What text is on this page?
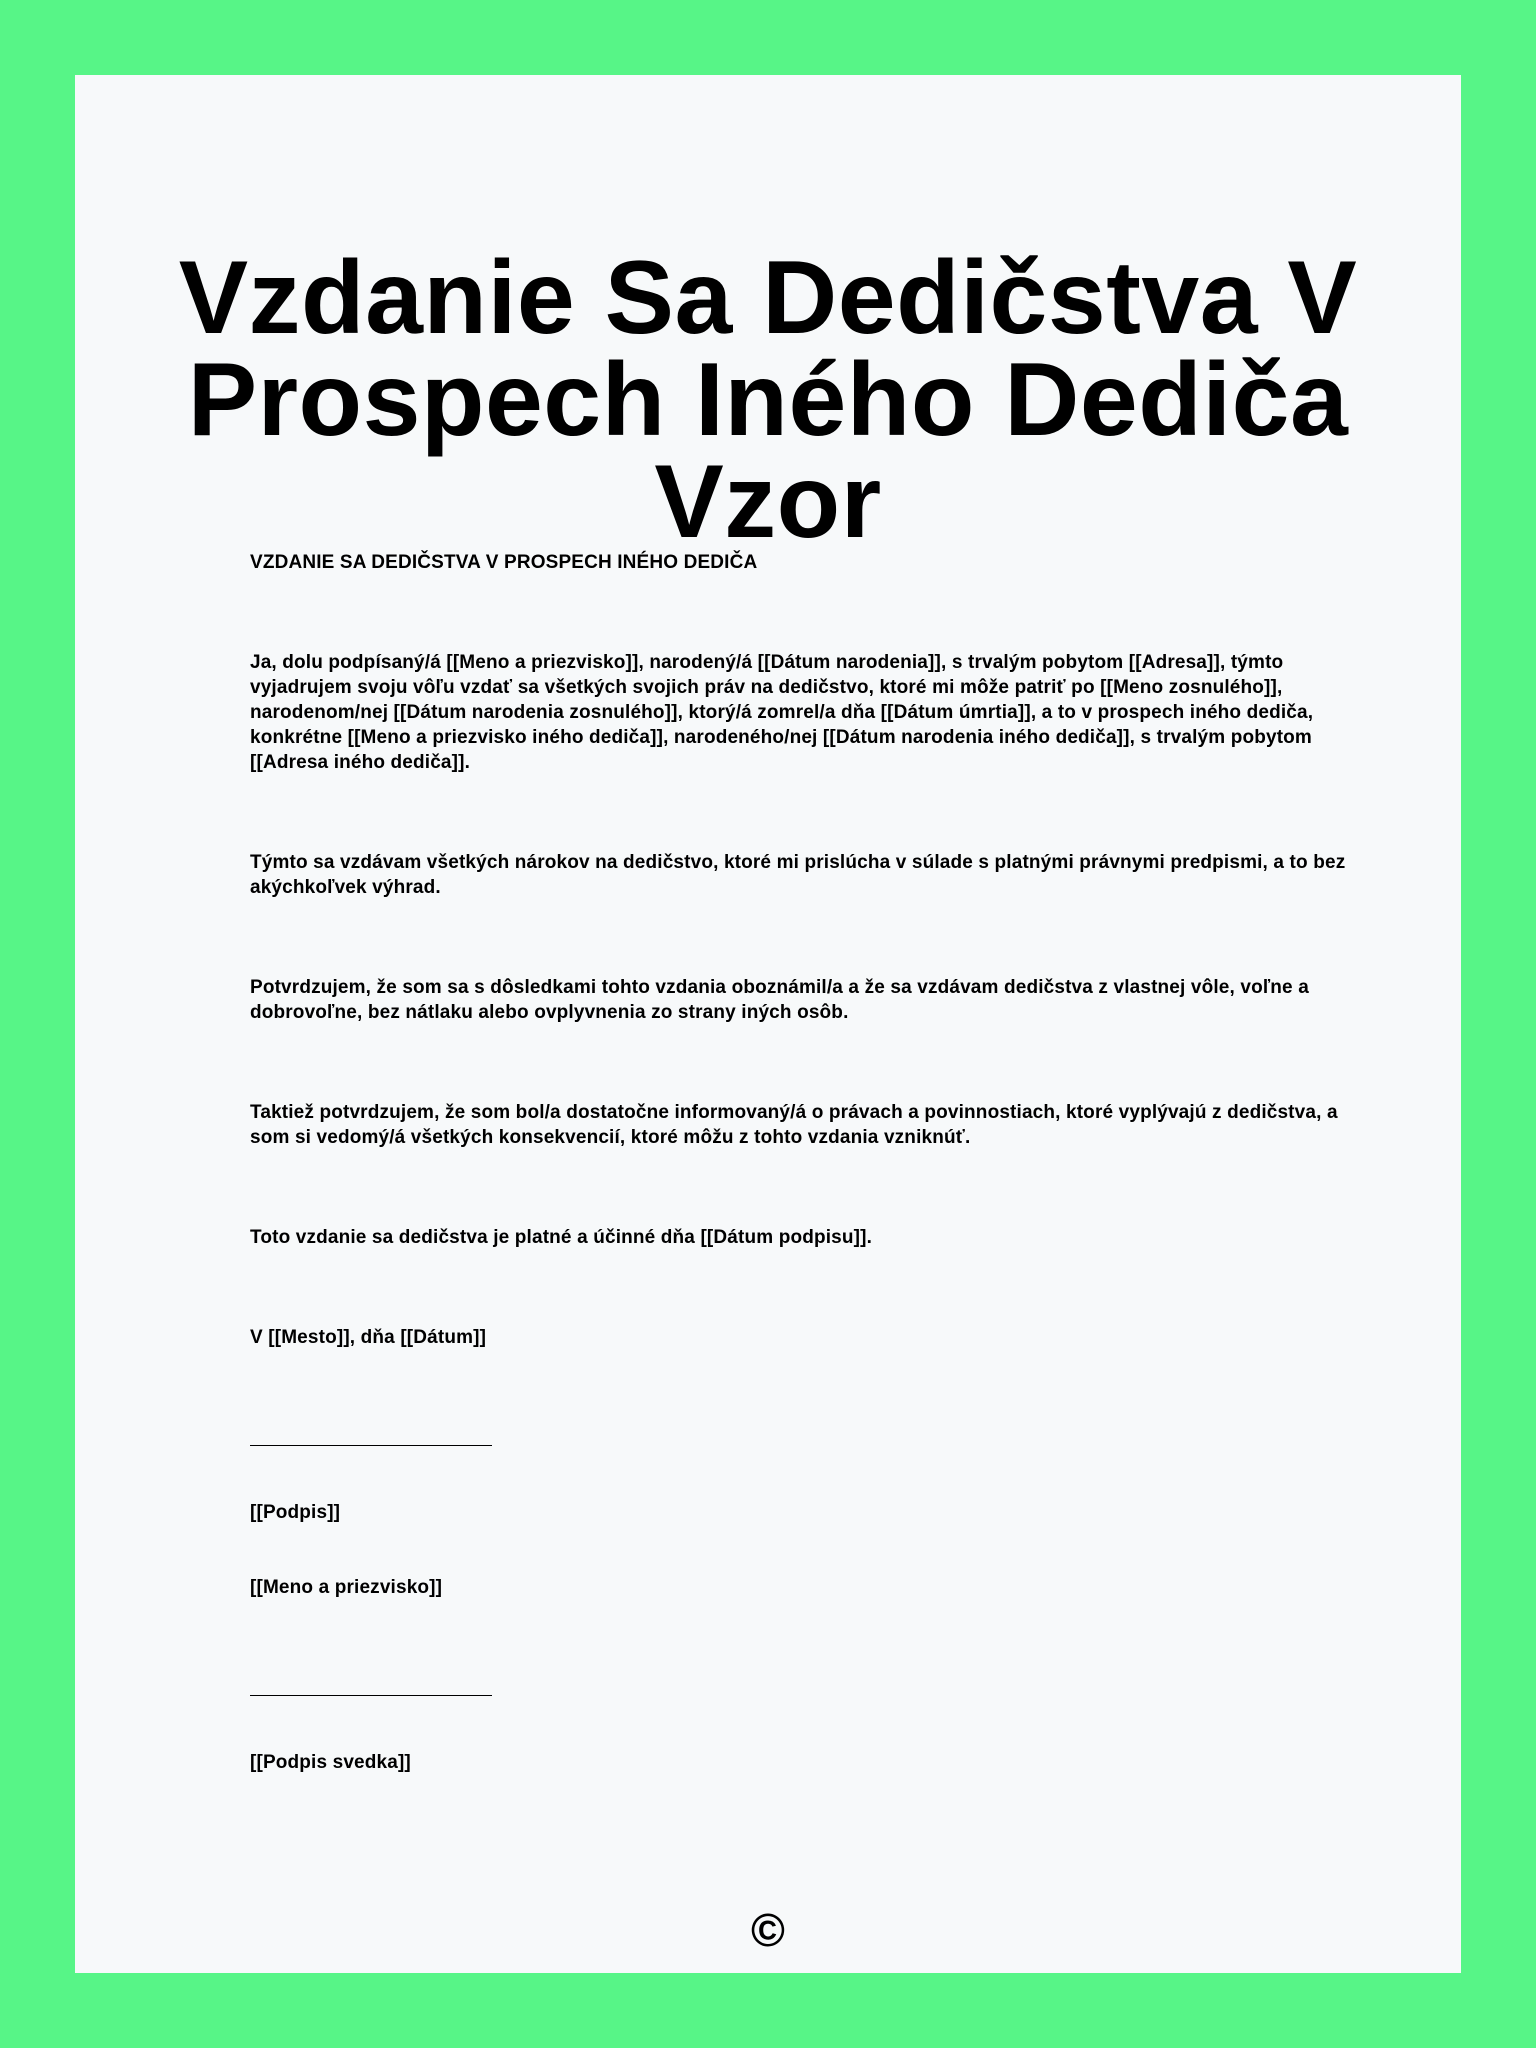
Vzdanie Sa Dedičstva V Prospech Iného Dediča Vzor

VZDANIE SA DEDIČSTVA V PROSPECH INÉHO DEDIČA

Ja, dolu podpísaný/á [[Meno a priezvisko]], narodený/á [[Dátum narodenia]], s trvalým pobytom [[Adresa]], týmto vyjadrujem svoju vôľu vzdať sa všetkých svojich práv na dedičstvo, ktoré mi môže patriť po [[Meno zosnulého]], narodenom/nej [[Dátum narodenia zosnulého]], ktorý/á zomrel/a dňa [[Dátum úmrtia]], a to v prospech iného dediča, konkrétne [[Meno a priezvisko iného dediča]], narodeného/nej [[Dátum narodenia iného dediča]], s trvalým pobytom [[Adresa iného dediča]].

Týmto sa vzdávam všetkých nárokov na dedičstvo, ktoré mi prislúcha v súlade s platnými právnymi predpismi, a to bez akýchkoľvek výhrad.

Potvrdzujem, že som sa s dôsledkami tohto vzdania oboznámil/a a že sa vzdávam dedičstva z vlastnej vôle, voľne a dobrovoľne, bez nátlaku alebo ovplyvnenia zo strany iných osôb.

Taktiež potvrdzujem, že som bol/a dostatočne informovaný/á o právach a povinnostiach, ktoré vyplývajú z dedičstva, a som si vedomý/á všetkých konsekvencií, ktoré môžu z tohto vzdania vzniknúť.

Toto vzdanie sa dedičstva je platné a účinné dňa [[Dátum podpisu]].

V [[Mesto]], dňa [[Dátum]]

[[Podpis]]

[[Meno a priezvisko]]

[[Podpis svedka]]

©
